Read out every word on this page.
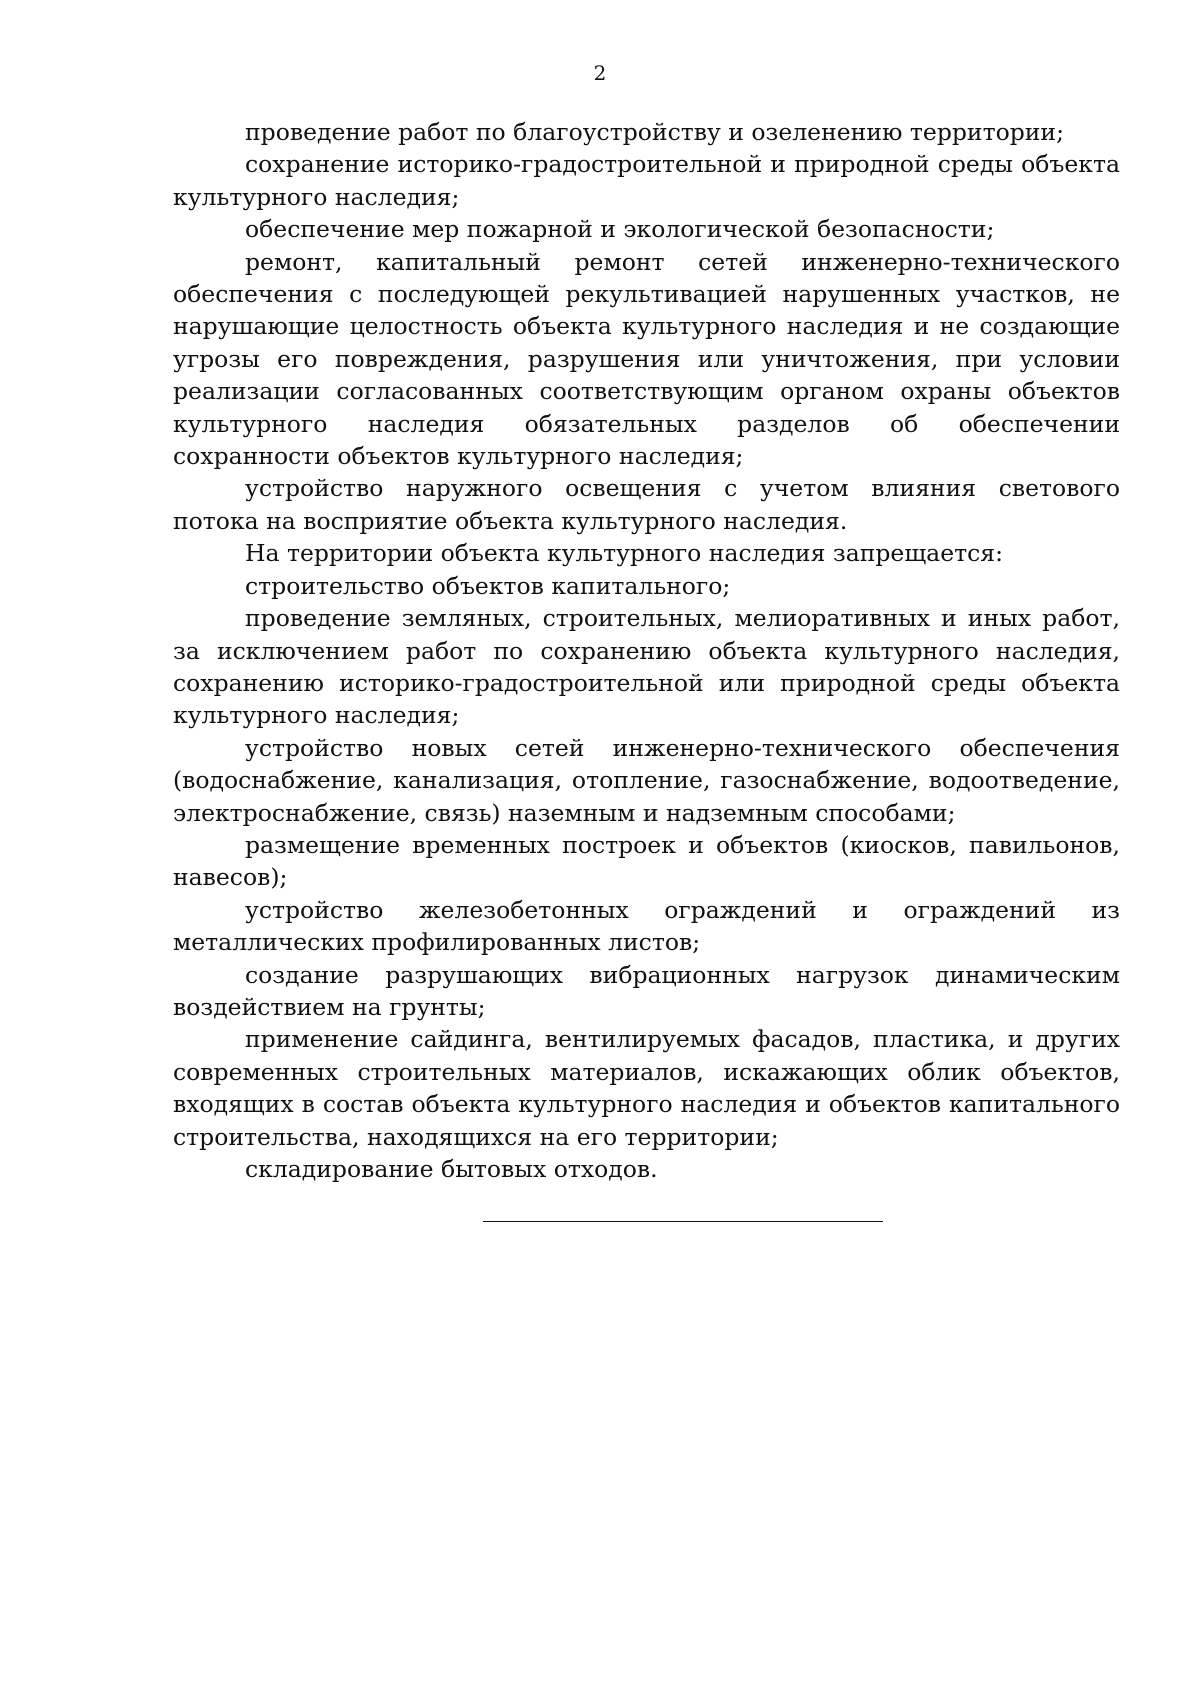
2

проведение работ по благоустройству и озеленению территории;

сохранение историко-градостроительной и природной среды объекта культурного наследия;

обеспечение мер пожарной и экологической безопасности;

ремонт, капитальный ремонт сетей инженерно-технического обеспечения с последующей рекультивацией нарушенных участков, не нарушающие целостность объекта культурного наследия и не создающие угрозы его повреждения, разрушения или уничтожения, при условии реализации согласованных соответствующим органом охраны объектов культурного наследия обязательных разделов об обеспечении сохранности объектов культурного наследия;

устройство наружного освещения с учетом влияния светового потока на восприятие объекта культурного наследия.

На территории объекта культурного наследия запрещается:

строительство объектов капитального;

проведение земляных, строительных, мелиоративных и иных работ, за исключением работ по сохранению объекта культурного наследия, сохранению историко-градостроительной или природной среды объекта культурного наследия;

устройство новых сетей инженерно-технического обеспечения (водоснабжение, канализация, отопление, газоснабжение, водоотведение, электроснабжение, связь) наземным и надземным способами;

размещение временных построек и объектов (киосков, павильонов, навесов);

устройство железобетонных ограждений и ограждений из металлических профилированных листов;

создание разрушающих вибрационных нагрузок динамическим воздействием на грунты;

применение сайдинга, вентилируемых фасадов, пластика, и других современных строительных материалов, искажающих облик объектов, входящих в состав объекта культурного наследия и объектов капитального строительства, находящихся на его территории;

складирование бытовых отходов.
